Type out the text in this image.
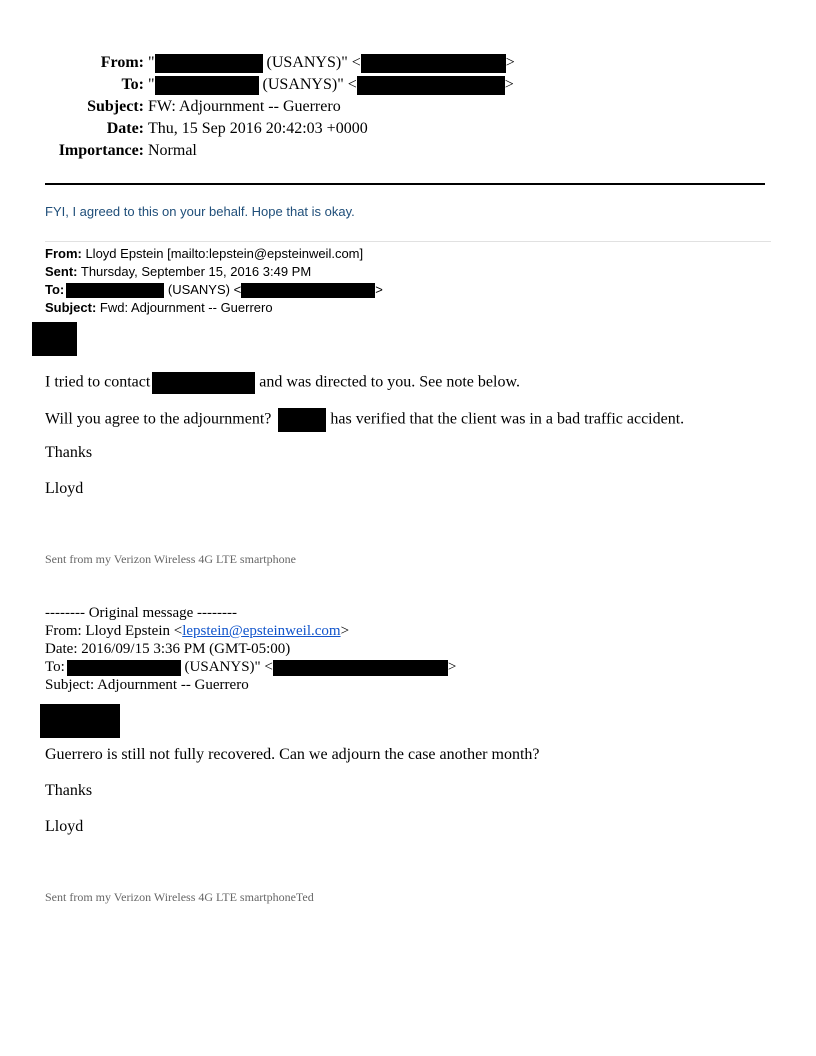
From: "	(USANYS)" <	>
To: "	(USANYS)" <	>
Subject: FW: Adjournment -- Guerrero
Date: Thu, 15 Sep 2016 20:42:03 +0000
Importance: Normal
FYI, I agreed to this on your behalf. Hope that is okay.
From: Lloyd Epstein [mailto:lepstein@epsteinweil.com]
Sent: Thursday, September 15, 2016 3:49 PM
To:	(USANYS) <	>
Subject: Fwd: Adjournment -- Guerrero
I tried to contact	and was directed to you. See note below.
Will you agree to the adjournment?	has verified that the client was in a bad traffic accident.
Thanks
Lloyd
Sent from my Verizon Wireless 4G LTE smartphone
-------- Original message --------
From: Lloyd Epstein <lepstein@epsteinweil.com>
Date: 2016/09/15 3:36 PM (GMT-05:00)
To:	(USANYS)" <	>
Subject: Adjournment -- Guerrero
Guerrero is still not fully recovered. Can we adjourn the case another month?
Thanks
Lloyd
Sent from my Verizon Wireless 4G LTE smartphoneTed
